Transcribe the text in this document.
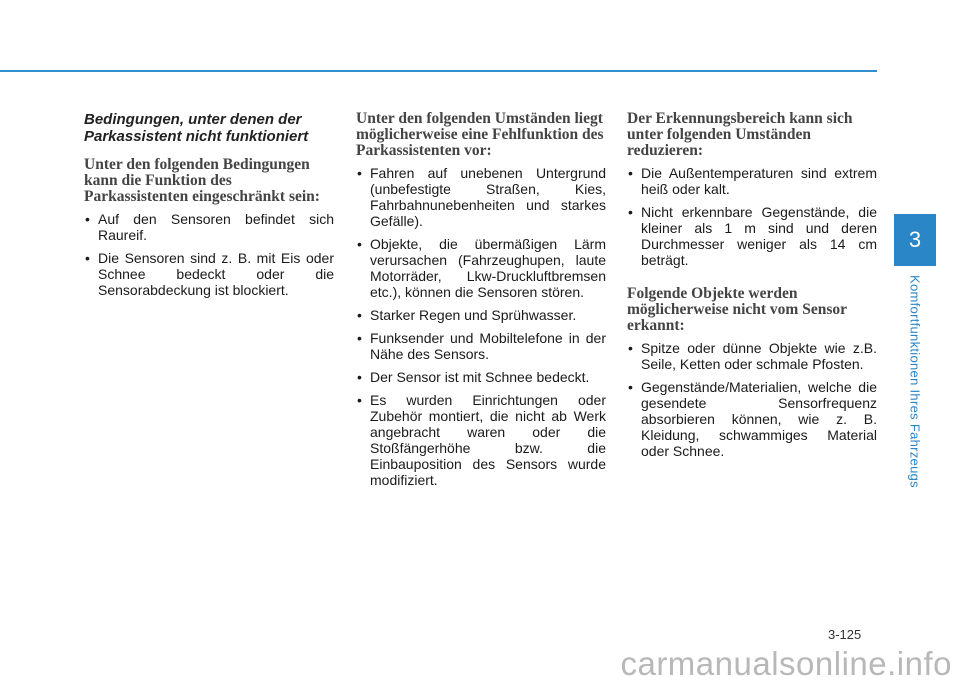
Bedingungen, unter denen der Parkassistent nicht funktioniert
Unter den folgenden Bedingungen kann die Funktion des Parkassistenten eingeschränkt sein:
• Auf den Sensoren befindet sich Raureif.
• Die Sensoren sind z. B. mit Eis oder Schnee bedeckt oder die Sensorabdeckung ist blockiert.
Unter den folgenden Umständen liegt möglicherweise eine Fehlfunktion des Parkassistenten vor:
• Fahren auf unebenen Untergrund (unbefestigte Straßen, Kies, Fahrbahnunebenheiten und starkes Gefälle).
• Objekte, die übermäßigen Lärm verursachen (Fahrzeughupen, laute Motorräder, Lkw-Druckluftbremsen etc.), können die Sensoren stören.
• Starker Regen und Sprühwasser.
• Funksender und Mobiltelefone in der Nähe des Sensors.
• Der Sensor ist mit Schnee bedeckt.
• Es wurden Einrichtungen oder Zubehör montiert, die nicht ab Werk angebracht waren oder die Stoßfängerhöhe bzw. die Einbauposition des Sensors wurde modifiziert.
Der Erkennungsbereich kann sich unter folgenden Umständen reduzieren:
• Die Außentemperaturen sind extrem heiß oder kalt.
• Nicht erkennbare Gegenstände, die kleiner als 1 m sind und deren Durchmesser weniger als 14 cm beträgt.
Folgende Objekte werden möglicherweise nicht vom Sensor erkannt:
• Spitze oder dünne Objekte wie z.B. Seile, Ketten oder schmale Pfosten.
• Gegenstände/Materialien, welche die gesendete Sensorfrequenz absorbieren können, wie z. B. Kleidung, schwammiges Material oder Schnee.
3
Komfortfunktionen Ihres Fahrzeugs
3-125
carmanualsonline.info
